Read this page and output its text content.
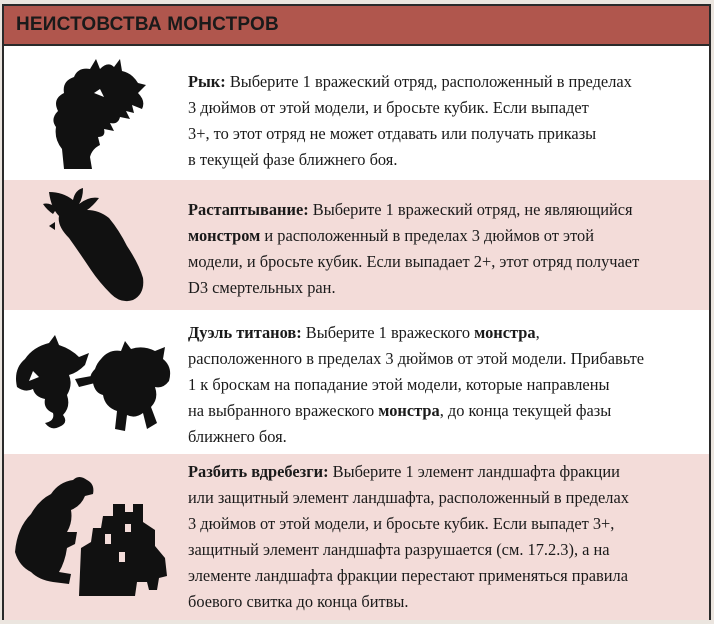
НЕИСТОВСТВА МОНСТРОВ

Рык: Выберите 1 вражеский отряд, расположенный в пределах

3 дюймов от этой модели, и бросьте кубик. Если выпадет

3+, то этот отряд не может отдавать или получать приказы

в текущей фазе ближнего боя.

Растаптывание: Выберите 1 вражеский отряд, не являющийся

монстром и расположенный в пределах 3 дюймов от этой

модели, и бросьте кубик. Если выпадает 2+, этот отряд получает

D3 смертельных ран.

Дуэль титанов: Выберите 1 вражеского монстра,

расположенного в пределах 3 дюймов от этой модели. Прибавьте

1 к броскам на попадание этой модели, которые направлены

на выбранного вражеского монстра, до конца текущей фазы

ближнего боя.

Разбить вдребезги: Выберите 1 элемент ландшафта фракции

или защитный элемент ландшафта, расположенный в пределах

3 дюймов от этой модели, и бросьте кубик. Если выпадет 3+,

защитный элемент ландшафта разрушается (см. 17.2.3), а на

элементе ландшафта фракции перестают применяться правила

боевого свитка до конца битвы.
